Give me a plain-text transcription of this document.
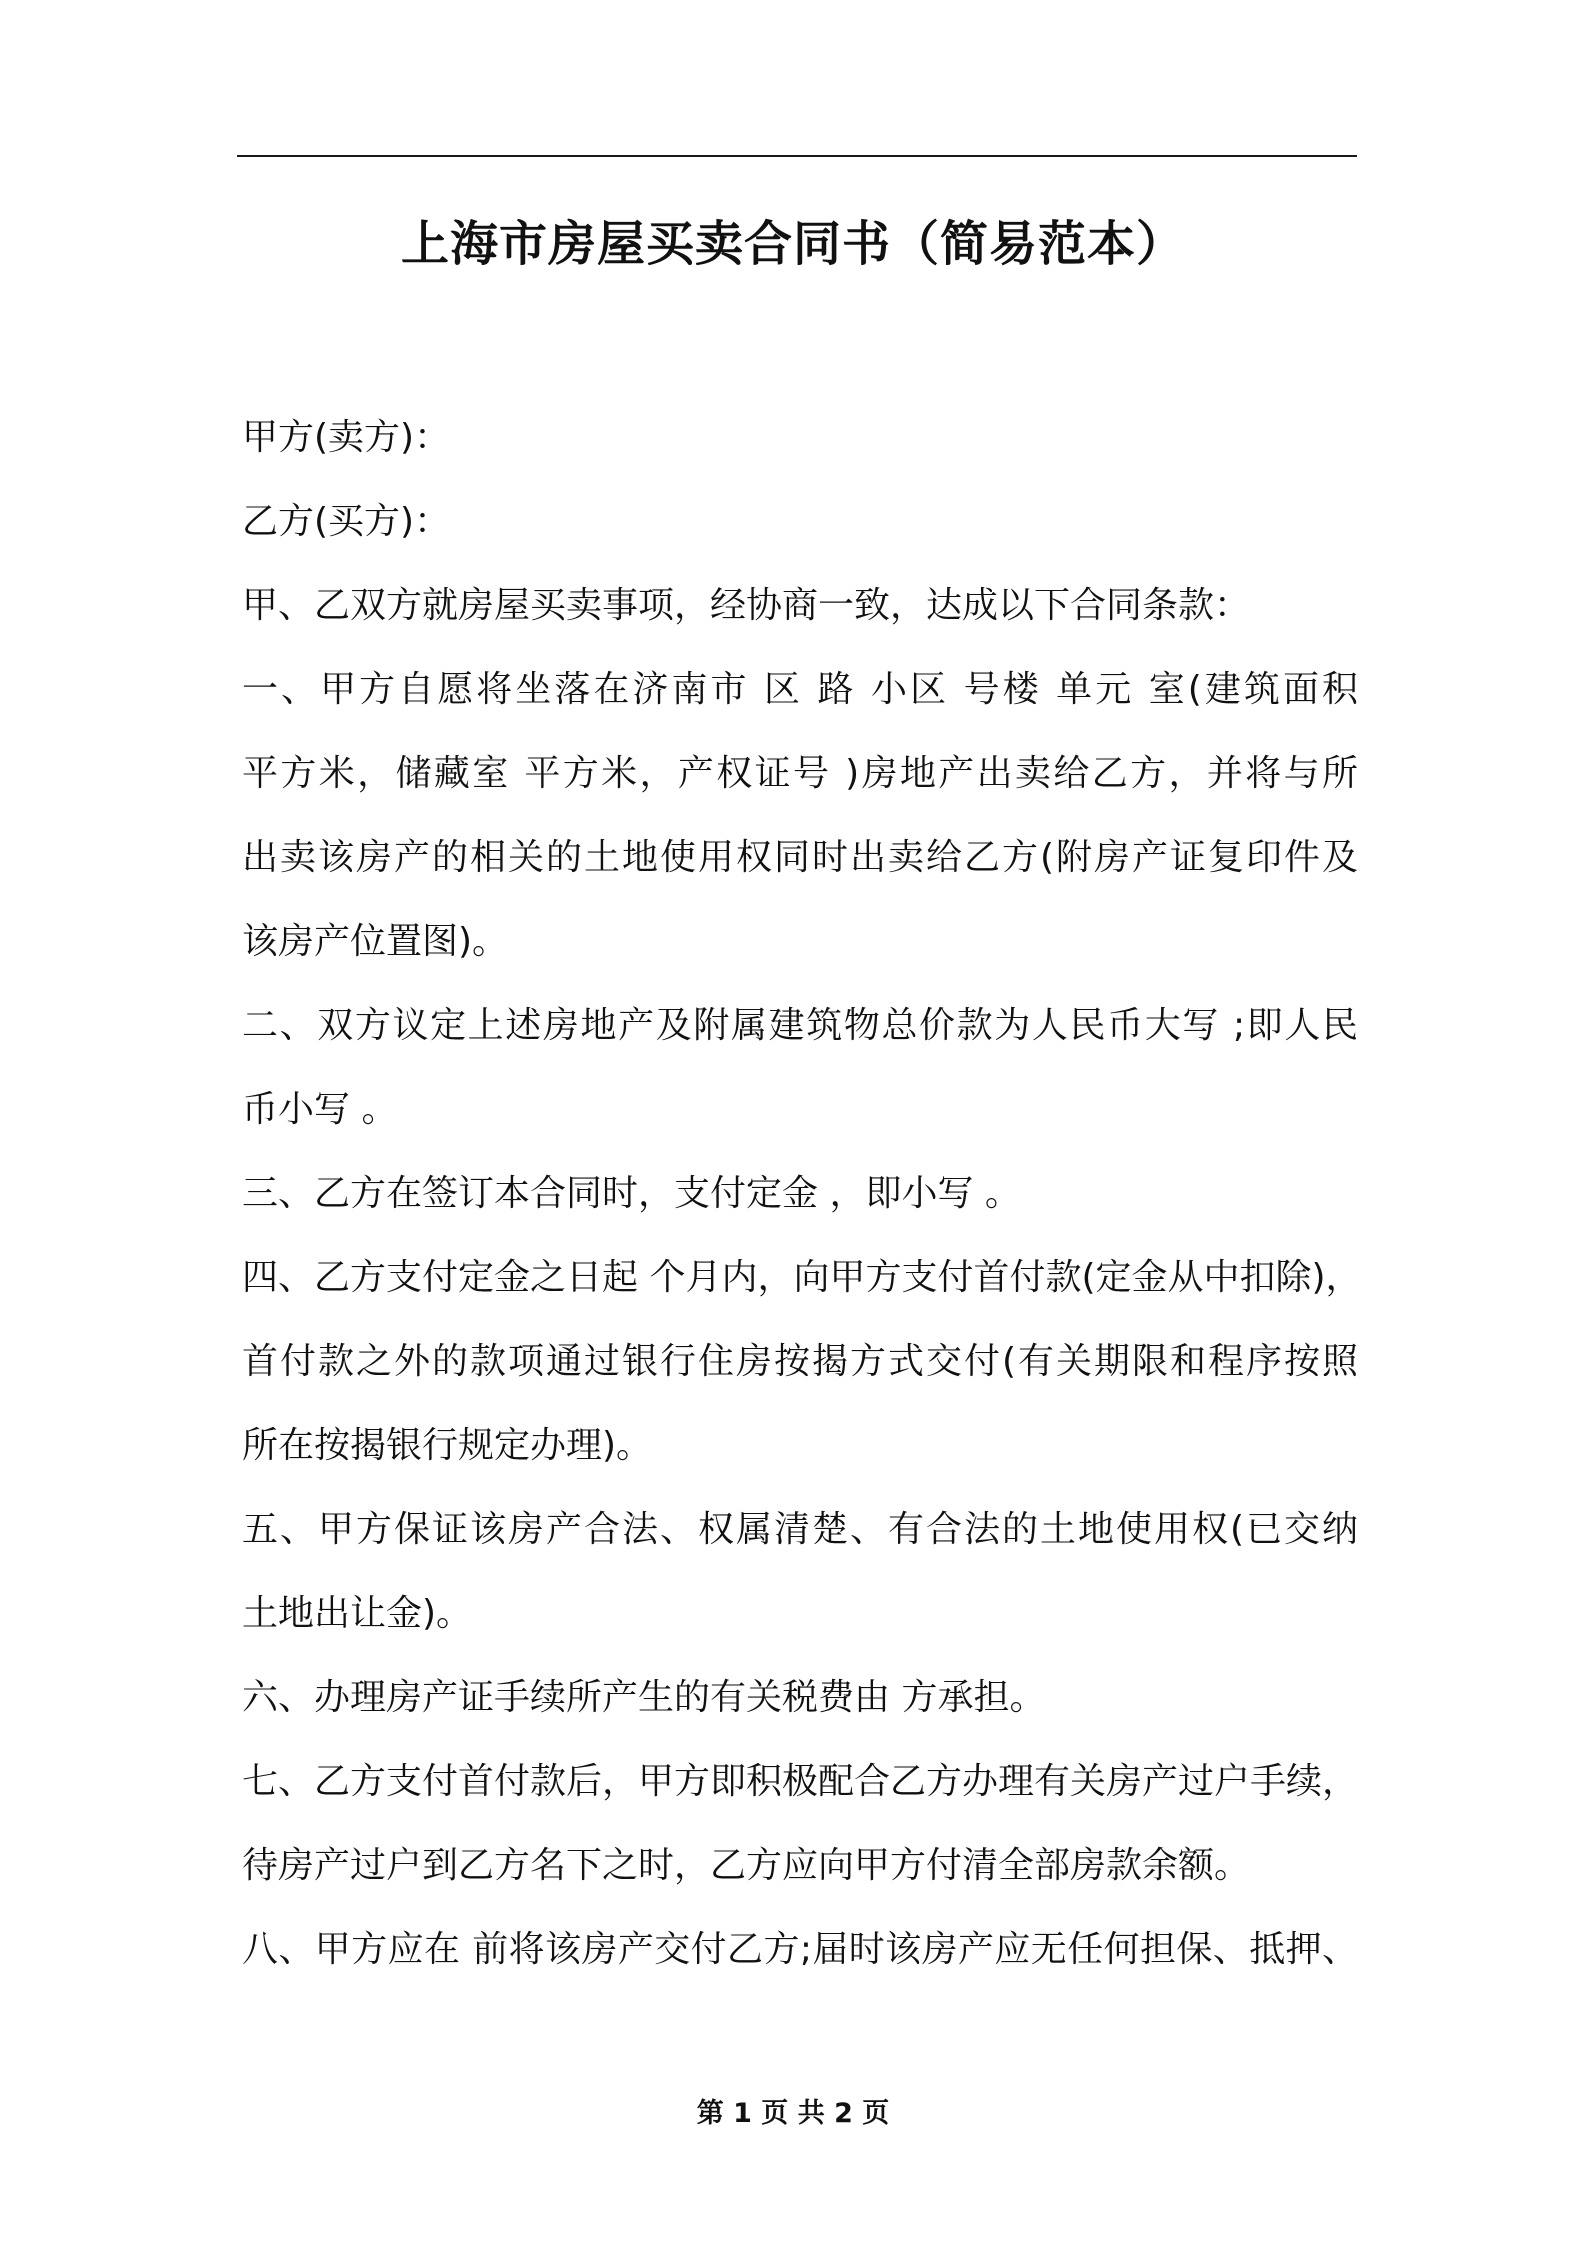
上海市房屋买卖合同书（简易范本）
甲方(卖方)：
乙方(买方)：
甲、乙双方就房屋买卖事项，经协商一致，达成以下合同条款：
一、甲方自愿将坐落在济南市 区 路 小区 号楼 单元 室(建筑面积
平方米，储藏室 平方米，产权证号 )房地产出卖给乙方，并将与所
出卖该房产的相关的土地使用权同时出卖给乙方(附房产证复印件及
该房产位置图)。
二、双方议定上述房地产及附属建筑物总价款为人民币大写 ;即人民
币小写 。
三、乙方在签订本合同时，支付定金 ，即小写 。
四、乙方支付定金之日起 个月内，向甲方支付首付款(定金从中扣除)，
首付款之外的款项通过银行住房按揭方式交付(有关期限和程序按照
所在按揭银行规定办理)。
五、甲方保证该房产合法、权属清楚、有合法的土地使用权(已交纳
土地出让金)。
六、办理房产证手续所产生的有关税费由 方承担。
七、乙方支付首付款后，甲方即积极配合乙方办理有关房产过户手续，
待房产过户到乙方名下之时，乙方应向甲方付清全部房款余额。
八、甲方应在 前将该房产交付乙方;届时该房产应无任何担保、抵押、
第 1 页 共 2 页
